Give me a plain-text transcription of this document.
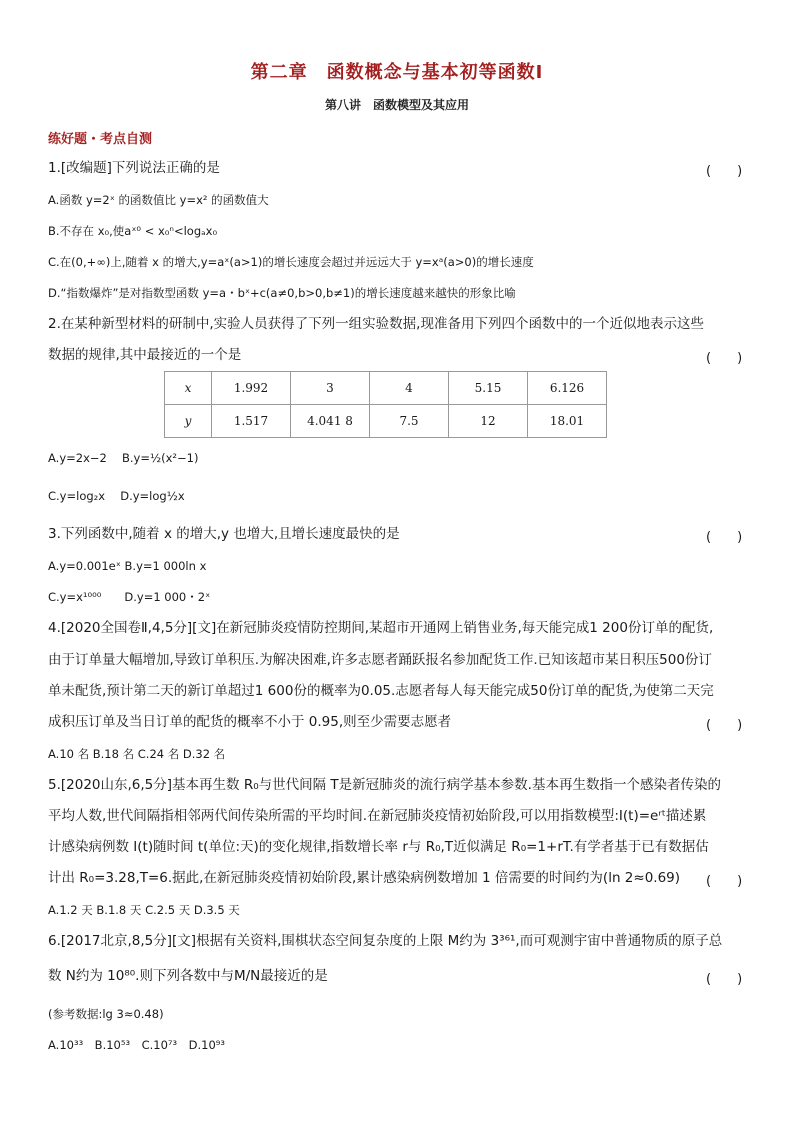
第二章　函数概念与基本初等函数Ⅰ
第八讲　函数模型及其应用
练好题・考点自测
1.[改编题]下列说法正确的是	(　　)
A.函数 y=2ˣ 的函数值比 y=x² 的函数值大
B.不存在 x₀,使aˣ⁰ < x₀ⁿ<logₐx₀
C.在(0,+∞)上,随着 x 的增大,y=aˣ(a>1)的增长速度会超过并远远大于 y=xᵃ(a>0)的增长速度
D.“指数爆炸”是对指数型函数 y=a・bˣ+c(a≠0,b>0,b≠1)的增长速度越来越快的形象比喻
2.在某种新型材料的研制中,实验人员获得了下列一组实验数据,现准备用下列四个函数中的一个近似地表示这些
数据的规律,其中最接近的一个是	(　　)
x	1.992	3	4	5.15	6.126
y	1.517	4.041 8	7.5	12	18.01
A.y=2x−2　 B.y=½(x²−1)
C.y=log₂x　 D.y=log½x
3.下列函数中,随着 x 的增大,y 也增大,且增长速度最快的是	(　　)
A.y=0.001eˣ B.y=1 000ln x
C.y=x¹⁰⁰⁰　　D.y=1 000・2ˣ
4.[2020全国卷Ⅱ,4,5分][文]在新冠肺炎疫情防控期间,某超市开通网上销售业务,每天能完成1 200份订单的配货,
由于订单量大幅增加,导致订单积压.为解决困难,许多志愿者踊跃报名参加配货工作.已知该超市某日积压500份订
单未配货,预计第二天的新订单超过1 600份的概率为0.05.志愿者每人每天能完成50份订单的配货,为使第二天完
成积压订单及当日订单的配货的概率不小于 0.95,则至少需要志愿者	(　　)
A.10 名 B.18 名 C.24 名 D.32 名
5.[2020山东,6,5分]基本再生数 R₀与世代间隔 T是新冠肺炎的流行病学基本参数.基本再生数指一个感染者传染的
平均人数,世代间隔指相邻两代间传染所需的平均时间.在新冠肺炎疫情初始阶段,可以用指数模型:I(t)=eʳᵗ描述累
计感染病例数 I(t)随时间 t(单位:天)的变化规律,指数增长率 r与 R₀,T近似满足 R₀=1+rT.有学者基于已有数据估
计出 R₀=3.28,T=6.据此,在新冠肺炎疫情初始阶段,累计感染病例数增加 1 倍需要的时间约为(ln 2≈0.69)	(　　)
A.1.2 天 B.1.8 天 C.2.5 天 D.3.5 天
6.[2017北京,8,5分][文]根据有关资料,围棋状态空间复杂度的上限 M约为 3³⁶¹,而可观测宇宙中普通物质的原子总
数 N约为 10⁸⁰.则下列各数中与M/N最接近的是	(　　)
(参考数据:lg 3≈0.48)
A.10³³　B.10⁵³　C.10⁷³　D.10⁹³
